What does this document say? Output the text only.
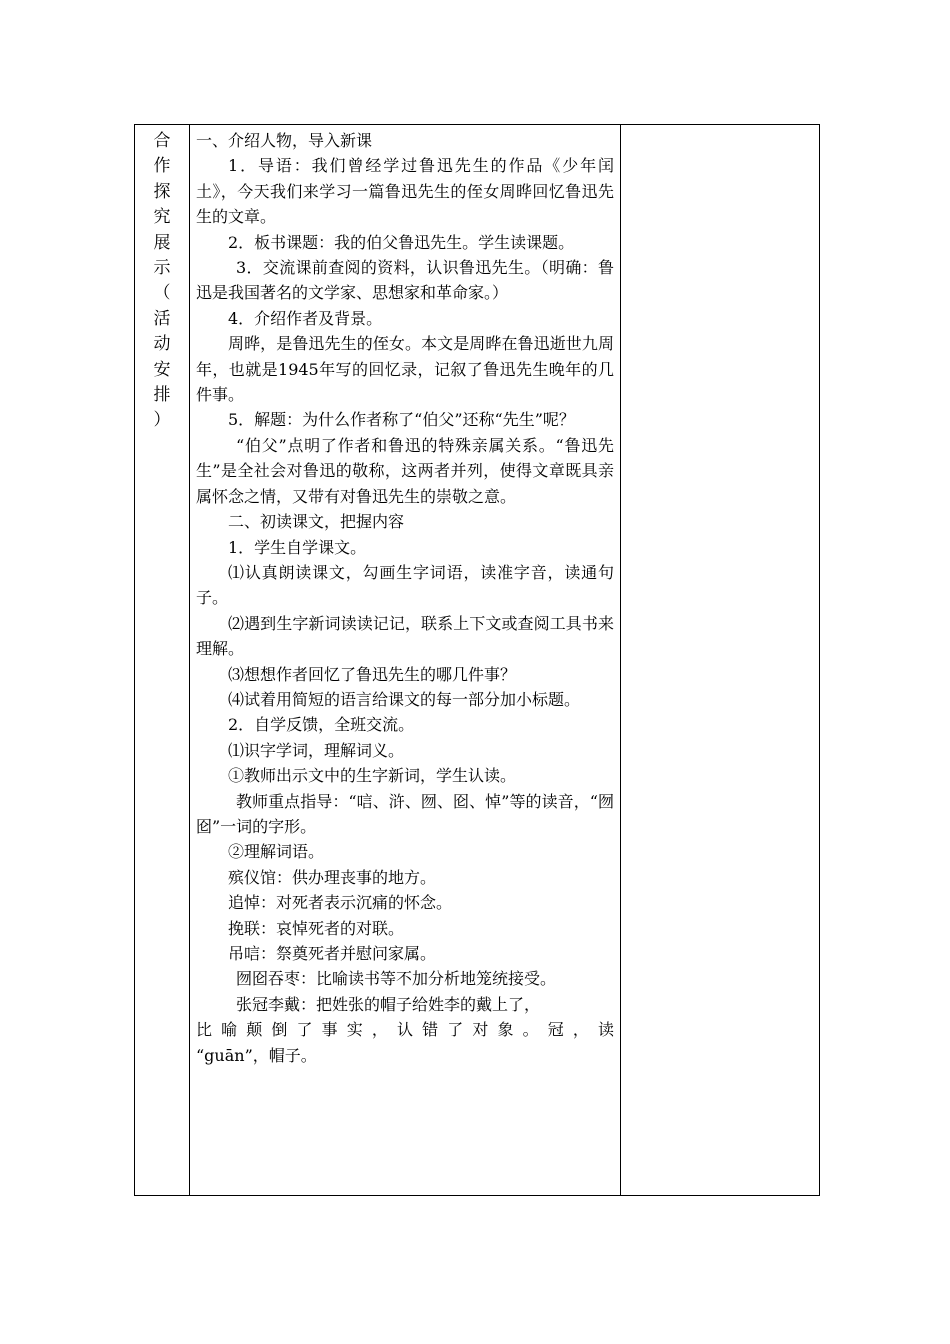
合
作
探
究
展
示
（
活
动
安
排
）

一、介绍人物，导入新课

1．导语：我们曾经学过鲁迅先生的作品《少年闰土》，今天我们来学习一篇鲁迅先生的侄女周晔回忆鲁迅先生的文章。

2．板书课题：我的伯父鲁迅先生。学生读课题。

3．交流课前查阅的资料，认识鲁迅先生。（明确：鲁迅是我国著名的文学家、思想家和革命家。）

4．介绍作者及背景。

周晔，是鲁迅先生的侄女。本文是周晔在鲁迅逝世九周年，也就是1945年写的回忆录，记叙了鲁迅先生晚年的几件事。

5．解题：为什么作者称了“伯父”还称“先生”呢？

“伯父”点明了作者和鲁迅的特殊亲属关系。“鲁迅先生”是全社会对鲁迅的敬称，这两者并列，使得文章既具亲属怀念之情，又带有对鲁迅先生的崇敬之意。

二、初读课文，把握内容

1．学生自学课文。

⑴认真朗读课文，勾画生字词语，读准字音，读通句子。

⑵遇到生字新词读读记记，联系上下文或查阅工具书来理解。

⑶想想作者回忆了鲁迅先生的哪几件事？

⑷试着用简短的语言给课文的每一部分加小标题。

2．自学反馈，全班交流。

⑴识字学词，理解词义。

①教师出示文中的生字新词，学生认读。

教师重点指导：“唁、浒、囫、囵、悼”等的读音，“囫囵”一词的字形。

②理解词语。

殡仪馆：供办理丧事的地方。

追悼：对死者表示沉痛的怀念。

挽联：哀悼死者的对联。

吊唁：祭奠死者并慰问家属。

囫囵吞枣：比喻读书等不加分析地笼统接受。

张冠李戴：把姓张的帽子给姓李的戴上了，

比喻颠倒了事实，认错了对象。冠，读

“guān”，帽子。
